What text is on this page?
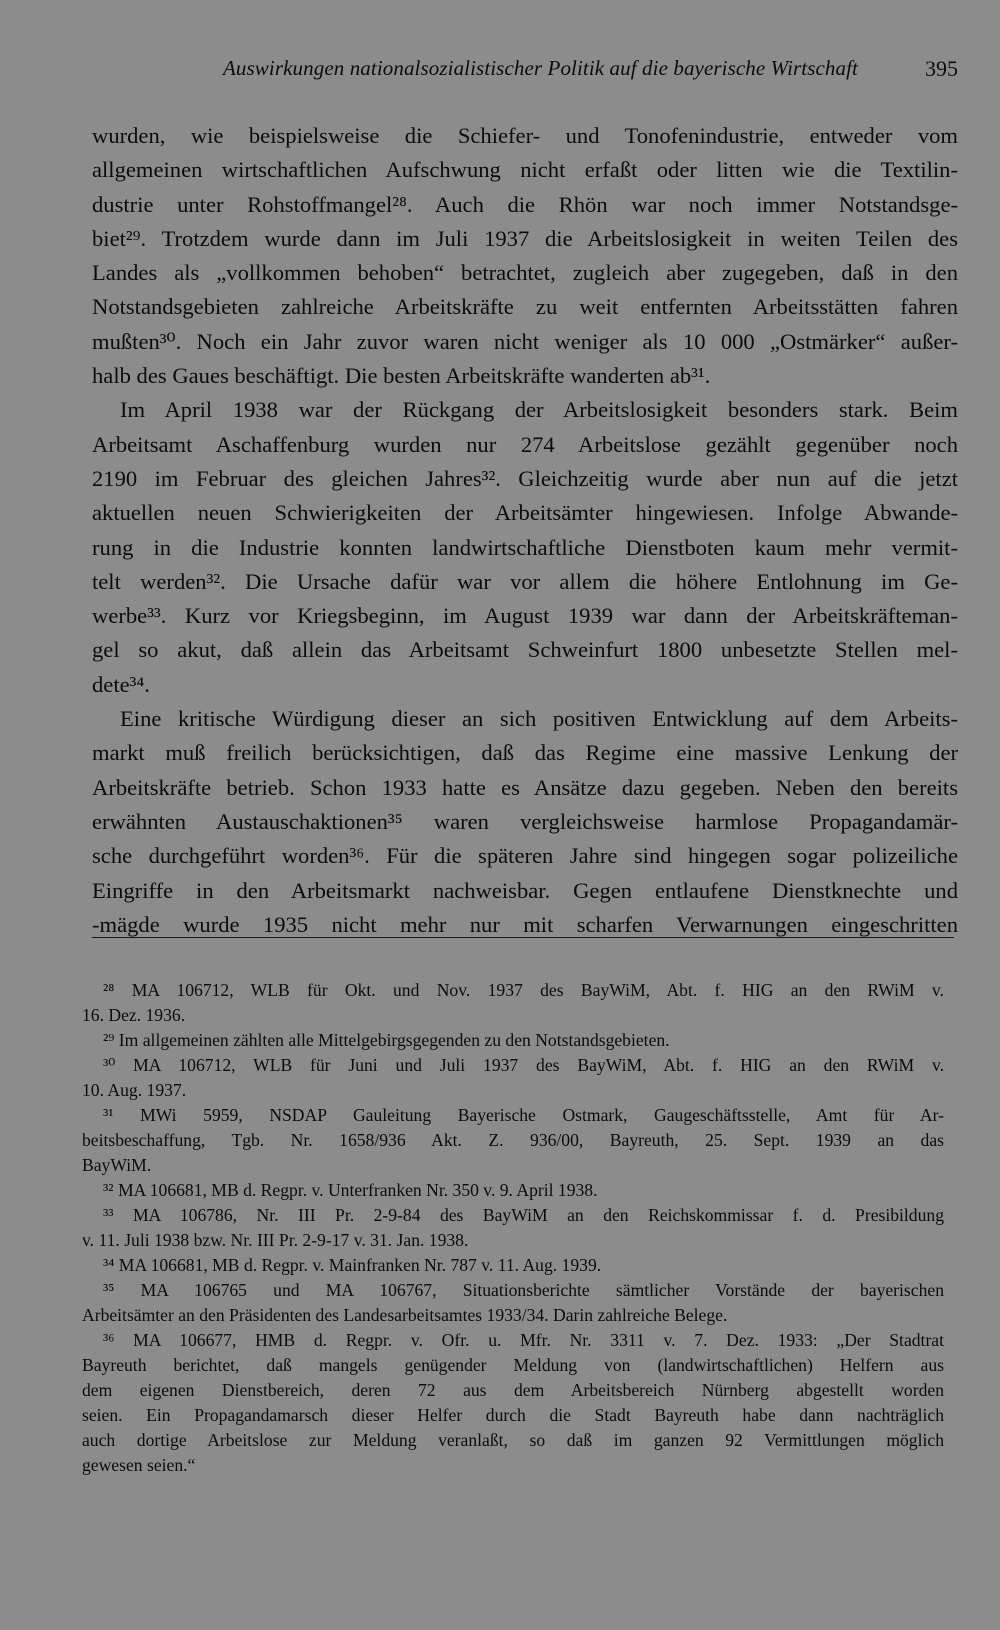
Auswirkungen nationalsozialistischer Politik auf die bayerische Wirtschaft	395
wurden, wie beispielsweise die Schiefer- und Tonofenindustrie, entweder vom
allgemeinen wirtschaftlichen Aufschwung nicht erfaßt oder litten wie die Textilin-
dustrie unter Rohstoffmangel²⁸. Auch die Rhön war noch immer Notstandsge-
biet²⁹. Trotzdem wurde dann im Juli 1937 die Arbeitslosigkeit in weiten Teilen des
Landes als „vollkommen behoben“ betrachtet, zugleich aber zugegeben, daß in den
Notstandsgebieten zahlreiche Arbeitskräfte zu weit entfernten Arbeitsstätten fahren
mußten³⁰. Noch ein Jahr zuvor waren nicht weniger als 10 000 „Ostmärker“ außer-
halb des Gaues beschäftigt. Die besten Arbeitskräfte wanderten ab³¹.
Im April 1938 war der Rückgang der Arbeitslosigkeit besonders stark. Beim
Arbeitsamt Aschaffenburg wurden nur 274 Arbeitslose gezählt gegenüber noch
2190 im Februar des gleichen Jahres³². Gleichzeitig wurde aber nun auf die jetzt
aktuellen neuen Schwierigkeiten der Arbeitsämter hingewiesen. Infolge Abwande-
rung in die Industrie konnten landwirtschaftliche Dienstboten kaum mehr vermit-
telt werden³². Die Ursache dafür war vor allem die höhere Entlohnung im Ge-
werbe³³. Kurz vor Kriegsbeginn, im August 1939 war dann der Arbeitskräfteman-
gel so akut, daß allein das Arbeitsamt Schweinfurt 1800 unbesetzte Stellen mel-
dete³⁴.
Eine kritische Würdigung dieser an sich positiven Entwicklung auf dem Arbeits-
markt muß freilich berücksichtigen, daß das Regime eine massive Lenkung der
Arbeitskräfte betrieb. Schon 1933 hatte es Ansätze dazu gegeben. Neben den bereits
erwähnten Austauschaktionen³⁵ waren vergleichsweise harmlose Propagandamär-
sche durchgeführt worden³⁶. Für die späteren Jahre sind hingegen sogar polizeiliche
Eingriffe in den Arbeitsmarkt nachweisbar. Gegen entlaufene Dienstknechte und
-mägde wurde 1935 nicht mehr nur mit scharfen Verwarnungen eingeschritten
²⁸ MA 106712, WLB für Okt. und Nov. 1937 des BayWiM, Abt. f. HIG an den RWiM v.
16. Dez. 1936.
²⁹ Im allgemeinen zählten alle Mittelgebirgsgegenden zu den Notstandsgebieten.
³⁰ MA 106712, WLB für Juni und Juli 1937 des BayWiM, Abt. f. HIG an den RWiM v.
10. Aug. 1937.
³¹ MWi 5959, NSDAP Gauleitung Bayerische Ostmark, Gaugeschäftsstelle, Amt für Ar-
beitsbeschaffung, Tgb. Nr. 1658/936 Akt. Z. 936/00, Bayreuth, 25. Sept. 1939 an das
BayWiM.
³² MA 106681, MB d. Regpr. v. Unterfranken Nr. 350 v. 9. April 1938.
³³ MA 106786, Nr. III Pr. 2-9-84 des BayWiM an den Reichskommissar f. d. Presibildung
v. 11. Juli 1938 bzw. Nr. III Pr. 2-9-17 v. 31. Jan. 1938.
³⁴ MA 106681, MB d. Regpr. v. Mainfranken Nr. 787 v. 11. Aug. 1939.
³⁵ MA 106765 und MA 106767, Situationsberichte sämtlicher Vorstände der bayerischen
Arbeitsämter an den Präsidenten des Landesarbeitsamtes 1933/34. Darin zahlreiche Belege.
³⁶ MA 106677, HMB d. Regpr. v. Ofr. u. Mfr. Nr. 3311 v. 7. Dez. 1933: „Der Stadtrat
Bayreuth berichtet, daß mangels genügender Meldung von (landwirtschaftlichen) Helfern aus
dem eigenen Dienstbereich, deren 72 aus dem Arbeitsbereich Nürnberg abgestellt worden
seien. Ein Propagandamarsch dieser Helfer durch die Stadt Bayreuth habe dann nachträglich
auch dortige Arbeitslose zur Meldung veranlaßt, so daß im ganzen 92 Vermittlungen möglich
gewesen seien.“
